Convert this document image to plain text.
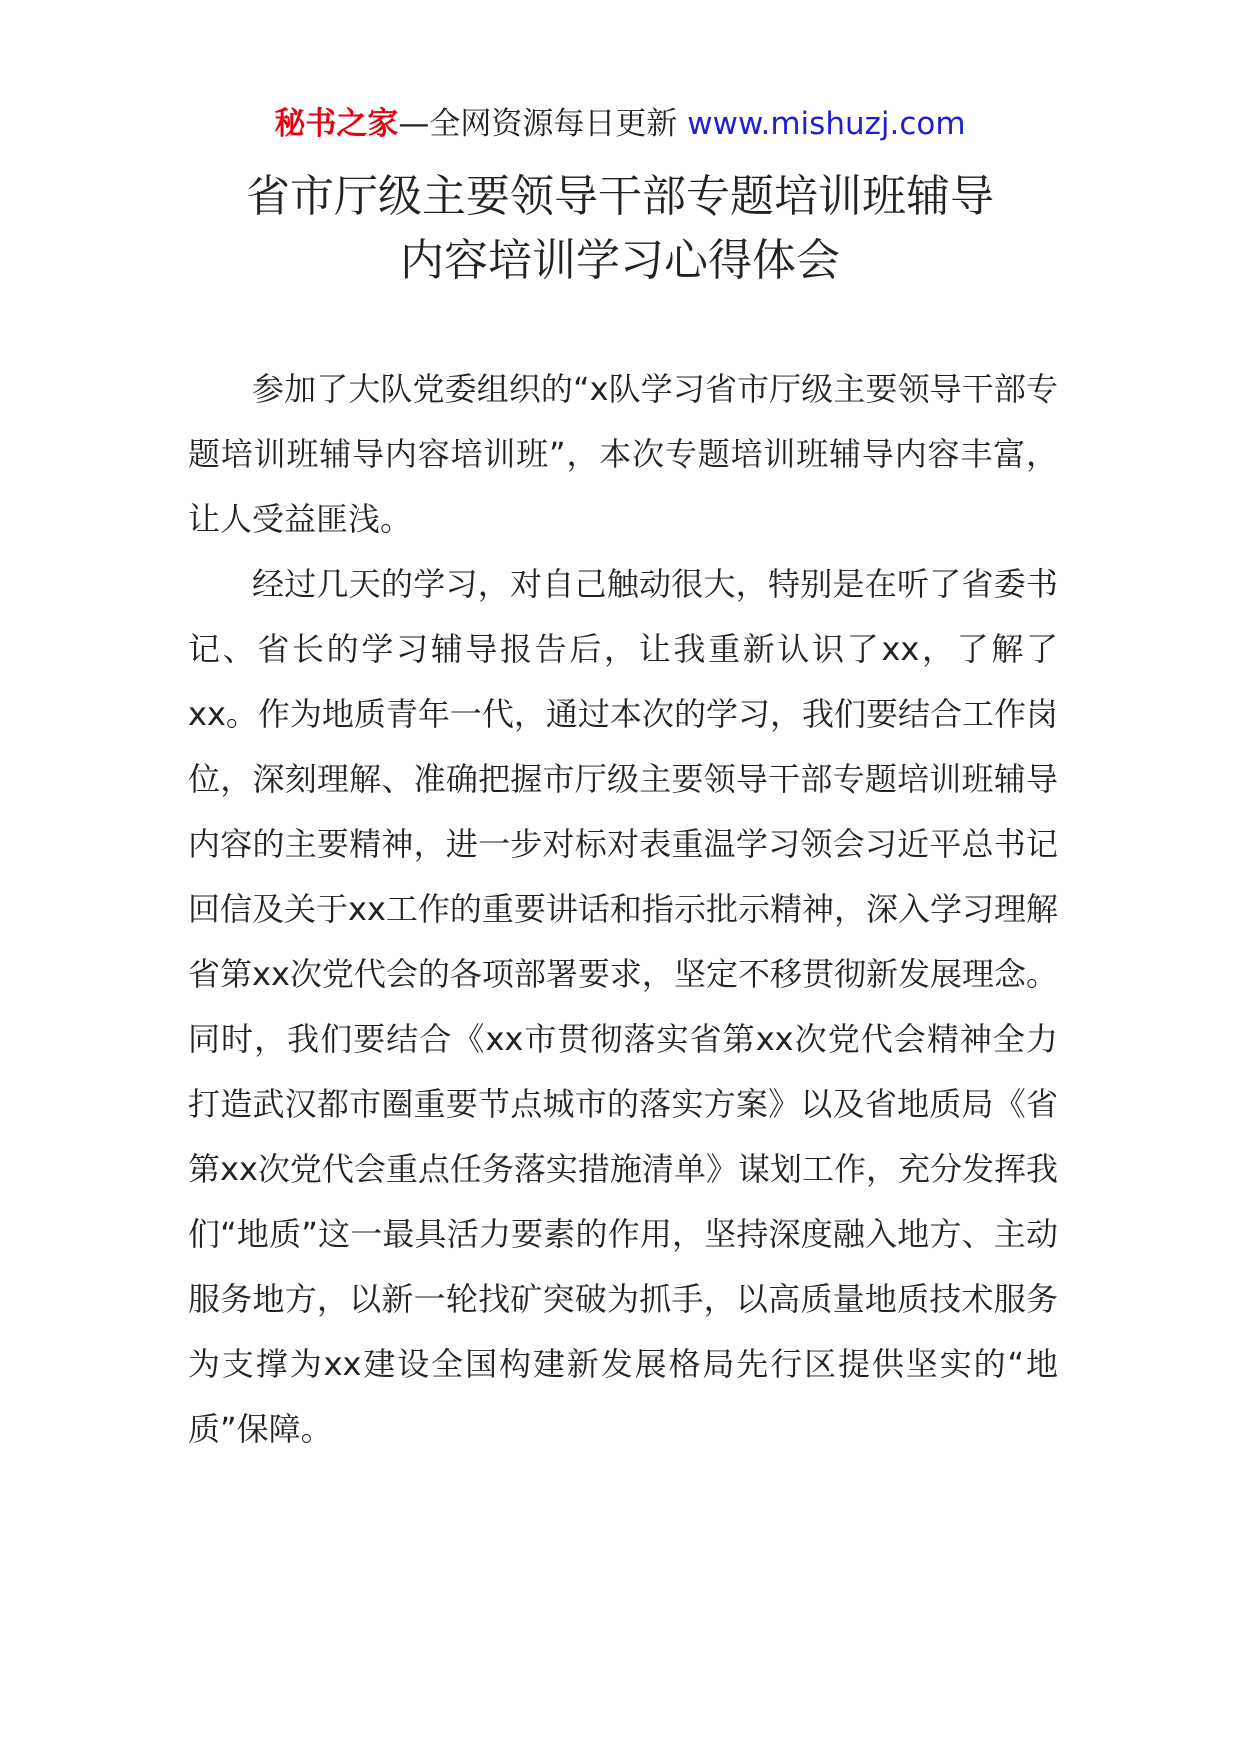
秘书之家—全网资源每日更新 www.mishuzj.com
省市厅级主要领导干部专题培训班辅导
内容培训学习心得体会

参加了大队党委组织的“x队学习省市厅级主要领导干部专题培训班辅导内容培训班”，本次专题培训班辅导内容丰富，让人受益匪浅。

经过几天的学习，对自己触动很大，特别是在听了省委书记、省长的学习辅导报告后，让我重新认识了xx，了解了xx。作为地质青年一代，通过本次的学习，我们要结合工作岗位，深刻理解、准确把握市厅级主要领导干部专题培训班辅导内容的主要精神，进一步对标对表重温学习领会习近平总书记回信及关于xx工作的重要讲话和指示批示精神，深入学习理解省第xx次党代会的各项部署要求，坚定不移贯彻新发展理念。同时，我们要结合《xx市贯彻落实省第xx次党代会精神全力打造武汉都市圈重要节点城市的落实方案》以及省地质局《省第xx次党代会重点任务落实措施清单》谋划工作，充分发挥我们“地质”这一最具活力要素的作用，坚持深度融入地方、主动服务地方，以新一轮找矿突破为抓手，以高质量地质技术服务为支撑为xx建设全国构建新发展格局先行区提供坚实的“地质”保障。
